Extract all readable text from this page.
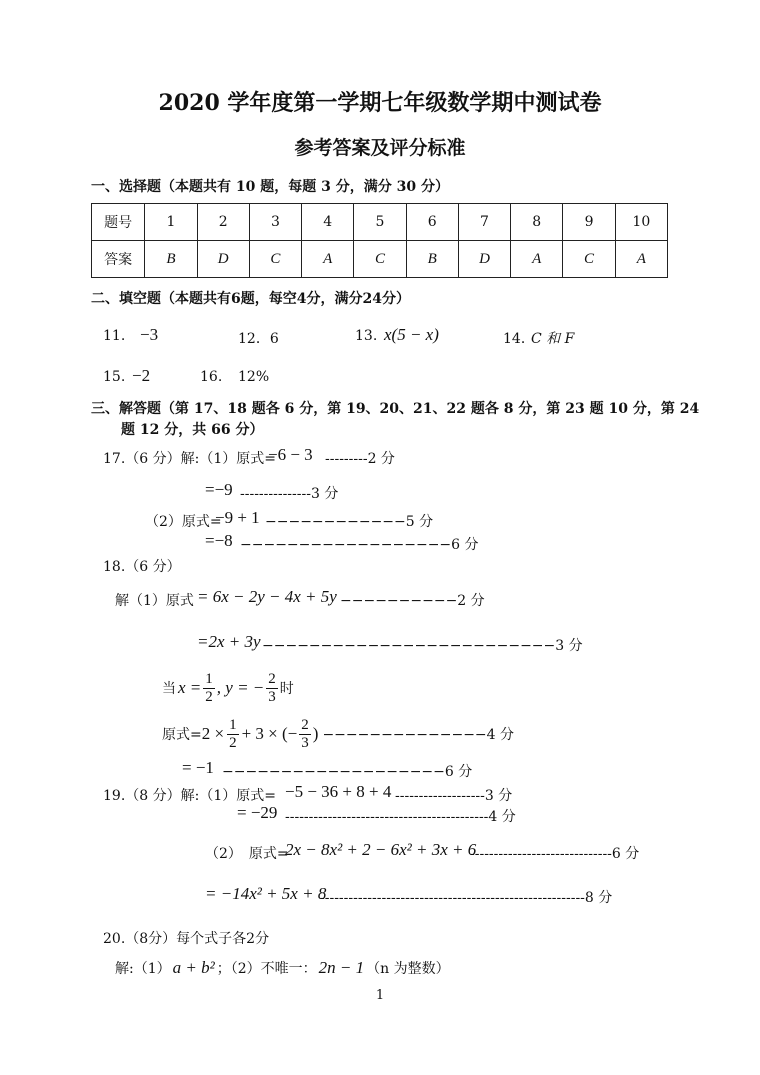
2020 学年度第一学期七年级数学期中测试卷
参考答案及评分标准
一、选择题（本题共有 10 题，每题 3 分，满分 30 分）
题号	1	2	3	4	5	6	7	8	9	10
答案	B	D	C	A	C	B	D	A	C	A
二、填空题（本题共有6题，每空4分，满分24分）
11. −3	12．6	13. x(5 − x)	14．
C 和 F
15. −2	16. 12%
三、解答题（第 17、18 题各 6 分，第 19、20、21、22 题各 8 分，第 23 题 10 分，第 24
题 12 分，共 66 分）
17.（6 分）解:（1）原式=
−6 − 3 ---------2 分
=−9 ---------------3 分
（2）原式=
−9 + 1 −−−−−−−−−−−−5 分
=−8 −−−−−−−−−−−−−−−−−−6 分
18.（6 分）
解（1）原式 = 6x − 2y − 4x + 5y −−−−−−−−−−2 分
=2x + 3y −−−−−−−−−−−−−−−−−−−−−−−−−3 分
当 $x = \frac{1}{2}$ , y = − $\frac{2}{3}$ 时
原式= $2 \times \frac{1}{2} + 3$ × (− $\frac{2}{3}$ ) −−−−−−−−−−−−−−4 分
= −1 −−−−−−−−−−−−−−−−−−−6 分
19.（8 分）解:（1）原式= −5 − 36 + 8 + 4 -------------------3 分
= −29 -------------------------------------------4 分
（2）　原式=
2x − 8x² + 2 − 6x² + 3x + 6
------------------------------6 分
= −14x² + 5x + 8
--------------------------------------------------------8 分
20.（8分）每个式子各2分
解:（1） a + b² ；（2）不唯一： 2n − 1 （n 为整数）
1
